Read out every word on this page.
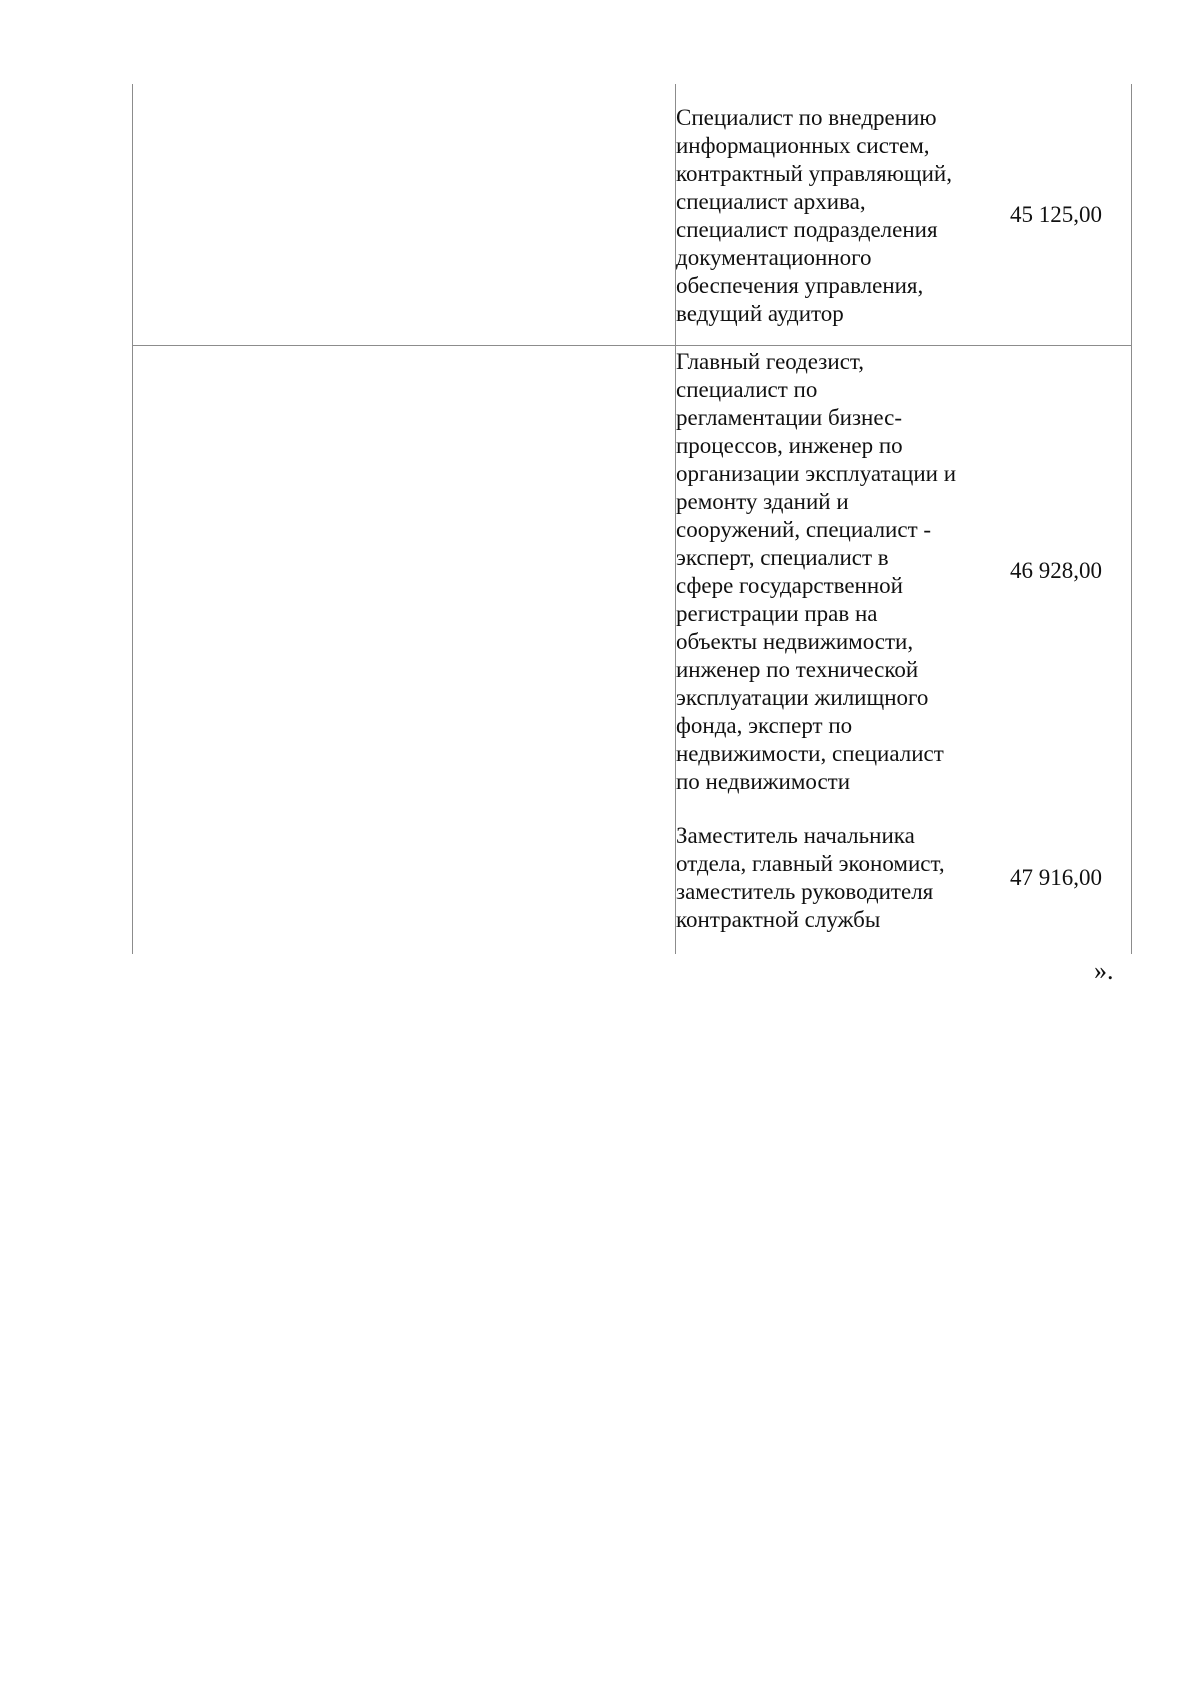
Специалист по внедрению
информационных систем,
контрактный управляющий,
специалист архива,
специалист подразделения
документационного
обеспечения управления,
ведущий аудитор
45 125,00
Главный геодезист,
специалист по
регламентации бизнес-
процессов, инженер по
организации эксплуатации и
ремонту зданий и
сооружений, специалист -
эксперт, специалист в
сфере государственной
регистрации прав на
объекты недвижимости,
инженер по технической
эксплуатации жилищного
фонда, эксперт по
недвижимости, специалист
по недвижимости
46 928,00
Заместитель начальника
отдела, главный экономист,
заместитель руководителя
контрактной службы
47 916,00
».
